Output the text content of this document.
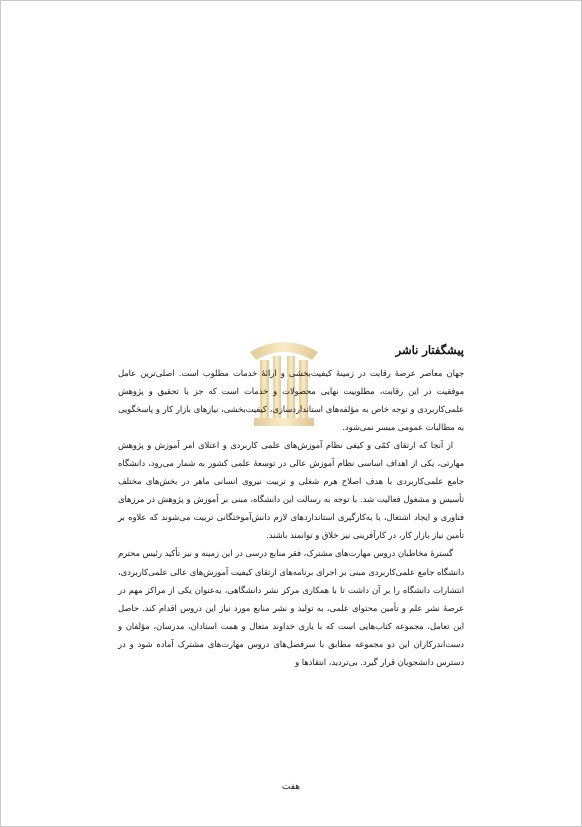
پیشگفتار ناشر

جهان معاصر عرصهٔ رقابت در زمینهٔ کیفیت‌بخشی و ارائهٔ خدمات مطلوب است. اصلی‌ترین عامل موفقیت در این رقابت، مطلوبیت نهایی محصولات و خدمات است که جز با تحقیق و پژوهش علمی‌کاربردی و توجه خاص به مؤلفه‌های استانداردسازی، کیفیت‌بخشی، نیازهای بازار کار و پاسخگویی به مطالبات عمومی میسر نمی‌شود.

از آنجا که ارتقای کمّی و کیفی نظام آموزش‌های علمی کاربردی و اعتلای امر آموزش و پژوهش مهارتی، یکی از اهداف اساسی نظام آموزش عالی در توسعهٔ علمی کشور به شمار می‌رود، دانشگاه جامع علمی‌کاربردی با هدف اصلاح هرم شغلی و تربیت نیروی انسانی ماهر در بخش‌های مختلف تأسیس و مشغول فعالیت شد. با توجه به رسالت این دانشگاه، مبنی بر آموزش و پژوهش در مرزهای فناوری و ایجاد اشتغال، با به‌کارگیری استانداردهای لازم دانش‌آموختگانی تربیت می‌شوند که علاوه بر تأمین نیاز بازار کار، در کارآفرینی نیز خلاق و توانمند باشند.

گسترهٔ مخاطبان دروس مهارت‌های مشترک، فقر منابع درسی در این زمینه و نیز تأکید رئیس محترم دانشگاه جامع علمی‌کاربردی مبنی بر اجرای برنامه‌های ارتقای کیفیت آموزش‌های عالی علمی‌کاربردی، انتشارات دانشگاه را بر آن داشت تا با همکاری مرکز نشر دانشگاهی، به‌عنوان یکی از مراکز مهم در عرصهٔ نشر علم و تأمین محتوای علمی، به تولید و نشر منابع مورد نیاز این دروس اقدام کند. حاصل این تعامل، مجموعه کتاب‌هایی است که با یاری خداوند متعال و همت استادان، مدرسان، مؤلفان و دست‌اندرکاران این دو مجموعه مطابق با سرفصل‌های دروس مهارت‌های مشترک آماده شود و در دسترس دانشجویان قرار گیرد. بی‌تردید، انتقادها و

هفت
